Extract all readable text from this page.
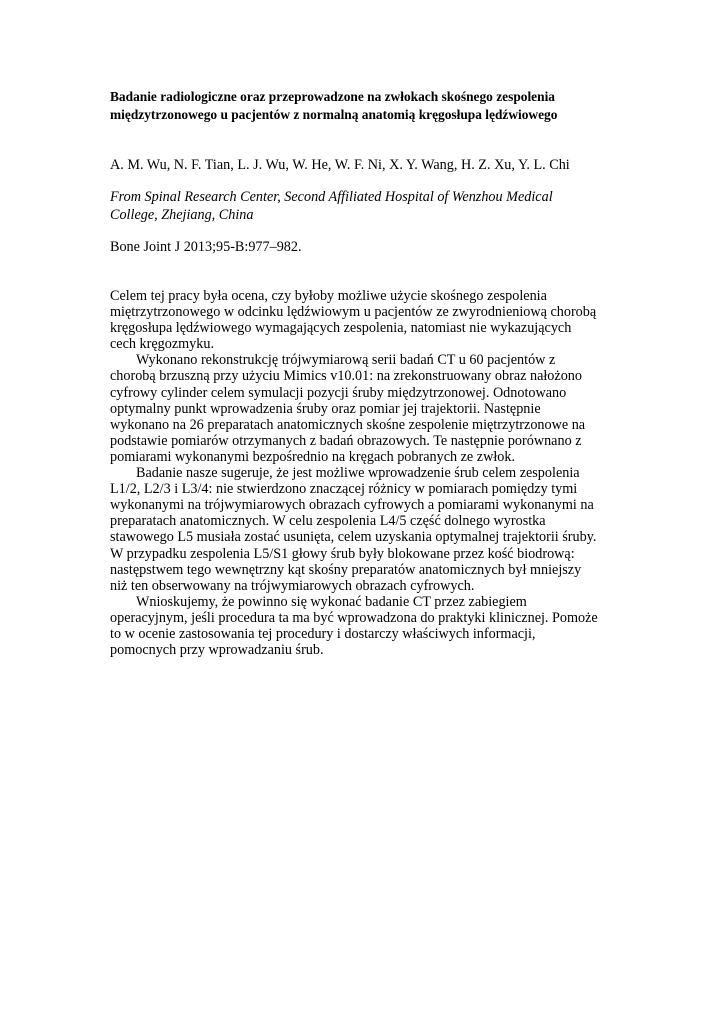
Badanie radiologiczne oraz przeprowadzone na zwłokach skośnego zespolenia
międzytrzonowego u pacjentów z normalną anatomią kręgosłupa lędźwiowego

A. M. Wu, N. F. Tian, L. J. Wu, W. He, W. F. Ni, X. Y. Wang, H. Z. Xu, Y. L. Chi

From Spinal Research Center, Second Affiliated Hospital of Wenzhou Medical
College, Zhejiang, China

Bone Joint J 2013;95-B:977–982.

Celem tej pracy była ocena, czy byłoby możliwe użycie skośnego zespolenia
miętrzytrzonowego w odcinku lędźwiowym u pacjentów ze zwyrodnieniową chorobą
kręgosłupa lędźwiowego wymagających zespolenia, natomiast nie wykazujących
cech kręgozmyku.

Wykonano rekonstrukcję trójwymiarową serii badań CT u 60 pacjentów z
chorobą brzuszną przy użyciu Mimics v10.01: na zrekonstruowany obraz nałożono
cyfrowy cylinder celem symulacji pozycji śruby międzytrzonowej. Odnotowano
optymalny punkt wprowadzenia śruby oraz pomiar jej trajektorii. Następnie
wykonano na 26 preparatach anatomicznych skośne zespolenie miętrzytrzonowe na
podstawie pomiarów otrzymanych z badań obrazowych. Te następnie porównano z
pomiarami wykonanymi bezpośrednio na kręgach pobranych ze zwłok.

Badanie nasze sugeruje, że jest możliwe wprowadzenie śrub celem zespolenia
L1/2, L2/3 i L3/4: nie stwierdzono znaczącej różnicy w pomiarach pomiędzy tymi
wykonanymi na trójwymiarowych obrazach cyfrowych a pomiarami wykonanymi na
preparatach anatomicznych. W celu zespolenia L4/5 część dolnego wyrostka
stawowego L5 musiała zostać usunięta, celem uzyskania optymalnej trajektorii śruby.
W przypadku zespolenia L5/S1 głowy śrub były blokowane przez kość biodrową:
następstwem tego wewnętrzny kąt skośny preparatów anatomicznych był mniejszy
niż ten obserwowany na trójwymiarowych obrazach cyfrowych.

Wnioskujemy, że powinno się wykonać badanie CT przez zabiegiem
operacyjnym, jeśli procedura ta ma być wprowadzona do praktyki klinicznej. Pomoże
to w ocenie zastosowania tej procedury i dostarczy właściwych informacji,
pomocnych przy wprowadzaniu śrub.
